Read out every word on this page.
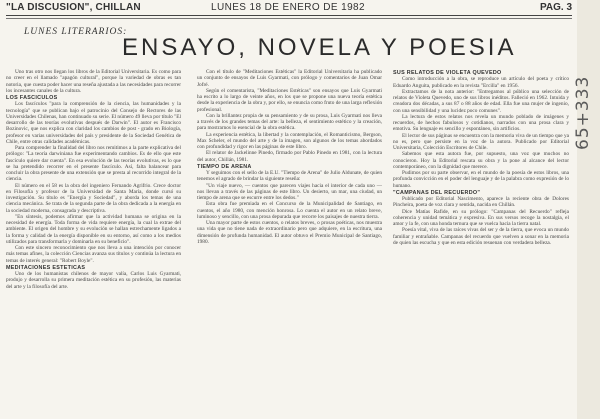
"LA DISCUSION", CHILLAN	LUNES 18 DE ENERO DE 1982	PAG. 3
LUNES LITERARIOS:
ENSAYO, NOVELA Y POESIA

Uno tras otro nos llegan los libros de la Editorial Universitaria. Es como para no creer en el llamado "apagón cultural", porque la variedad de obras es tan notoria, que cuesta poder hacer una reseña ajustada a las necesidades para recorrer los incesantes canales de la cultura.

LOS FASCICULOS

Los fascículos "para la comprensión de la ciencia, las humanidades y la tecnología" que se publican bajo el patrocinio del Consejo de Rectores de las Universidades Chilenas, han continuado su serie. El número 49 lleva por título "El desarrollo de las teorías evolutivas después de Darwin". El autor es Francisco Bozinovic, que nos explica con claridad los cambios de post - grado en Biología, profesor en varias universidades del país y presidente de la Sociedad Genética de Chile, entre otras calidades académicas.

Para comprender la finalidad del libro nos remitimos a la parte explicativa del prólogo: "La teoría darwiniana fue experimentando cambios. Es de ello que este fascículo quiere dar cuenta". En esa evolución de las teorías evolutivas, es lo que se ha pretendido recorrer en el presente fascículo. Así, falta balancear para concluir la obra presente de una extensión que se presta al recorrido integral de la ciencia.

El número en el 58 es la obra del ingeniero Fernando Agrifrio. Crece doctor en Filosofía y profesor de la Universidad de Santa María, donde cursó su investigación. Su título es "Energía y Sociedad", y aborda los temas de una ciencia mecánica. Se trata de la segunda parte de la obra dedicada a la energía en la sociedad moderna, consagrada y descriptiva.

"En síntesis, podemos afirmar que la actividad humana se origina en la necesidad de energía. Toda forma de vida requiere energía, la cual la extrae del ambiente. El origen del hombre y su evolución se hallan estrechamente ligados a la forma y calidad de la energía disponible en su entorno, así como a los medios utilizados para transformarla y dominarla en su beneficio".

Con este sincero reconocimiento que nos lleva a una intención por conocer más temas afines, la colección Ciencias avanza sus títulos y continúa la lectura en temas de interés general: "Robert Boyle".

MEDITACIONES ESTETICAS

Uno de los humanistas chilenos de mayor valía, Carlos Luis Gyarmati, produjo y desarrolla su primera meditación estética en su profesión, las materias del arte y la filosofía del arte.

Con el título de "Meditaciones Estéticas" la Editorial Universitaria ha publicado un conjunto de ensayos de Luis Gyarmati, con prólogo y comentarios de Juan Omar Jofré.

Según el comentarista, "Meditaciones Estéticas" son ensayos que Luis Gyarmati ha escrito a lo largo de veinte años, en los que se propone una nueva teoría estética desde la experiencia de la obra y, por ello, se enuncia como fruto de una larga reflexión profesional.

Con la brillantez propia de su pensamiento y de su prosa, Luis Gyarmati nos lleva a través de los grandes temas del arte: la belleza, el sentimiento estético y la creación, para mostrarnos lo esencial de la obra estética.

La experiencia estética, la libertad y la contemplación, el Romanticismo, Bergson, Max Scheler, el mundo del arte y de la imagen, son algunos de los temas abordados con profundidad y rigor en las páginas de este libro.

El relator de Jackelinne Pinedo, firmado por Pablo Pinedo en 1981, con la lectura del autor, Chillán, 1981.

TIEMPO DE ARENA

Y seguimos con el sello de la E.U. "Tiempo de Arena" de Julio Aldunate, de quien tenemos el agrado de brindar la siguiente reseña:

"Un viaje nuevo, — cuentos que parecen viajes hacia el interior de cada uno — nos llevan a través de las páginas de este libro. Un desierto, un mar, una ciudad, un tiempo de arena que se escurre entre los dedos."

Esta obra fue premiada en el Concurso de la Municipalidad de Santiago, en cuentos, el año 1980, con mención honrosa. Lo cuenta el autor en un relato breve, luminoso y sencillo, con una prosa depurada que recorre los paisajes de nuestra tierra.

Una mayor parte de estos cuentos, o relatos breves, o prosas poéticas, nos muestra una vida que no tiene nada de extraordinario pero que adquiere, en la escritura, una dimensión de profunda humanidad. El autor obtuvo el Premio Municipal de Santiago, 1980.

SUS RELATOS DE VIOLETA QUEVEDO

Como introducción a la obra, se reproduce un artículo del poeta y crítico Eduardo Anguita, publicado en la revista "Ercilla" en 1956.

Extractamos de la nota anterior: "Entregamos al público una selección de relatos de Violeta Quevedo, uno de sus libros inéditos. Falleció en 1962. Intuida y creadora dos décadas, a sus 87 o 88 años de edad. Ella fue una mujer de ingenio, con una sensibilidad y una lucidez poco comunes".

La lectura de estos relatos nos revela un mundo poblado de imágenes y recuerdos, de hechos fabulosos y cotidianos, narrados con una prosa clara y emotiva. Su lenguaje es sencillo y espontáneo, sin artificios.

El lector de sus páginas se encuentra con la memoria viva de un tiempo que ya no es, pero que persiste en la voz de la autora. Publicado por Editorial Universitaria, Colección Escritores de Chile.

Sabemos que esta autora fue, por supuesto, una voz que muchos no conocieron. Hoy la Editorial rescata su obra y la pone al alcance del lector contemporáneo, con la dignidad que merece.

Pudimos por su parte observar, en el mundo de la poesía de estos libros, una profunda convicción en el poder del lenguaje y de la palabra como expresión de lo humano.

"CAMPANAS DEL RECUERDO"

Publicado por Editorial Nascimento, aparece la reciente obra de Dolores Pincheira, poeta de voz clara y sentida, nacida en Chillán.

Dice Matías Rafide, en su prólogo: "Campanas del Recuerdo" refleja coherencia y unidad temática y expresiva. En sus versos recoge la nostalgia, el amor y la fe, con una honda ternura que se vuelca hacia la tierra natal.

Poesía vital, viva de las raíces vivas del ser y de la tierra, que evoca un mundo familiar y entrañable. Campanas del recuerdo que vuelven a sonar en la memoria de quien las escucha y que en esta edición resuenan con verdadera belleza.

65+333
